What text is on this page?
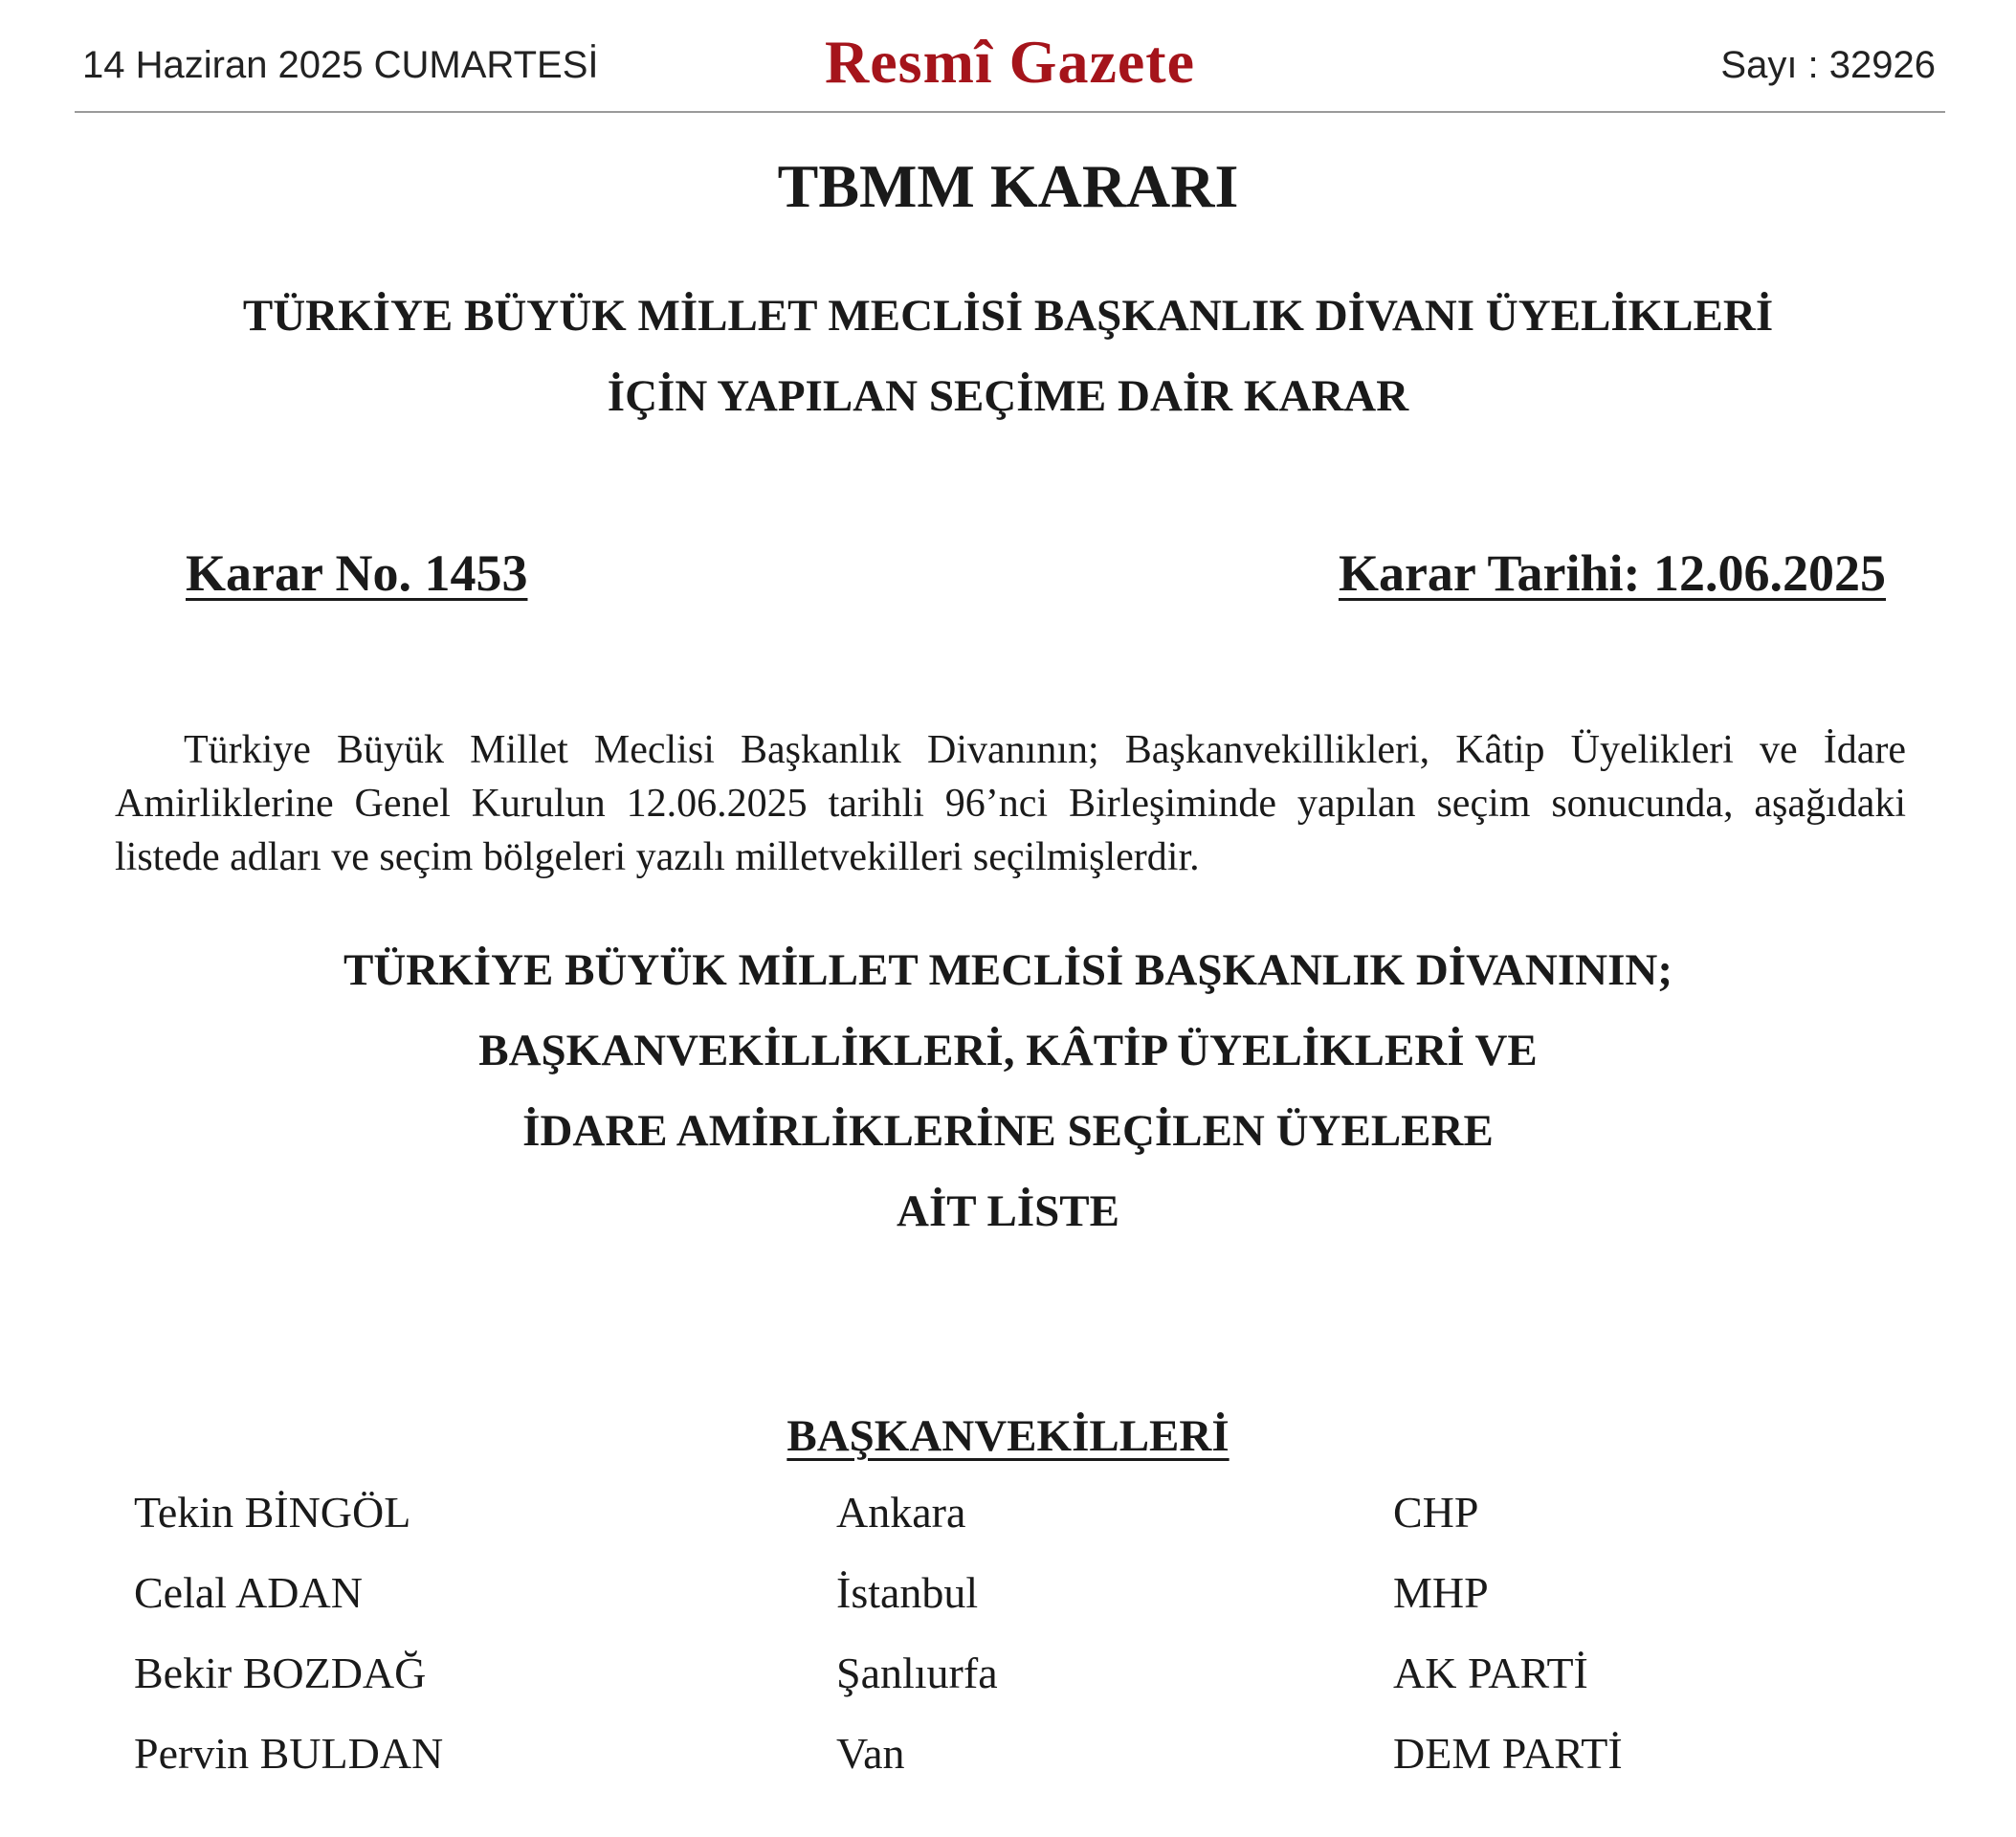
14 Haziran 2025 CUMARTESİ	Resmî Gazete	Sayı : 32926
TBMM KARARI
TÜRKİYE BÜYÜK MİLLET MECLİSİ BAŞKANLIK DİVANI ÜYELİKLERİ
İÇİN YAPILAN SEÇİME DAİR KARAR
Karar No. 1453	Karar Tarihi: 12.06.2025

Türkiye Büyük Millet Meclisi Başkanlık Divanının; Başkanvekillikleri, Kâtip Üyelikleri ve İdare Amirliklerine Genel Kurulun 12.06.2025 tarihli 96’nci Birleşiminde yapılan seçim sonucunda, aşağıdaki listede adları ve seçim bölgeleri yazılı milletvekilleri seçilmişlerdir.

TÜRKİYE BÜYÜK MİLLET MECLİSİ BAŞKANLIK DİVANININ;
BAŞKANVEKİLLİKLERİ, KÂTİP ÜYELİKLERİ VE
İDARE AMİRLİKLERİNE SEÇİLEN ÜYELERE
AİT LİSTE
BAŞKANVEKİLLERİ
Tekin BİNGÖL	Ankara	CHP
Celal ADAN	İstanbul	MHP
Bekir BOZDAĞ	Şanlıurfa	AK PARTİ
Pervin BULDAN	Van	DEM PARTİ
